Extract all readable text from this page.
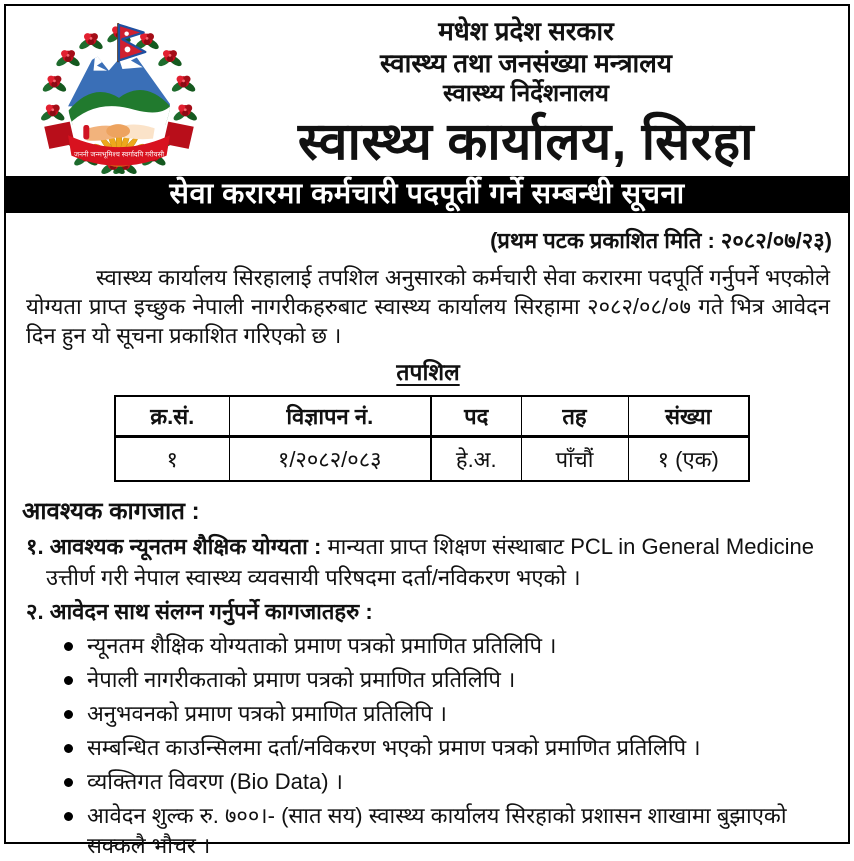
जननी जन्मभूमिश्च स्वर्गादपि गरीयसी
मधेश प्रदेश सरकार
स्वास्थ्य तथा जनसंख्या मन्त्रालय
स्वास्थ्य निर्देशनालय
स्वास्थ्य कार्यालय, सिरहा
सेवा करारमा कर्मचारी पदपूर्ती गर्ने सम्बन्धी सूचना
(प्रथम पटक प्रकाशित मिति : २०८२/०७/२३)

स्वास्थ्य कार्यालय सिरहालाई तपशिल अनुसारको कर्मचारी सेवा करारमा पदपूर्ति गर्नुपर्ने भएकोले योग्यता प्राप्त इच्छुक नेपाली नागरीकहरुबाट स्वास्थ्य कार्यालय सिरहामा २०८२/०८/०७ गते भित्र आवेदन दिन हुन यो सूचना प्रकाशित गरिएको छ ।

तपशिल
क्र.सं.	विज्ञापन नं.	पद	तह	संख्या
१	१/२०८२/०८३	हे.अ.	पाँचौं	१ (एक)
आवश्यक कागजात :
१. आवश्यक न्यूनतम शैक्षिक योग्यता : मान्यता प्राप्त शिक्षण संस्थाबाट PCL in General Medicine उत्तीर्ण गरी नेपाल स्वास्थ्य व्यवसायी परिषदमा दर्ता/नविकरण भएको ।
२. आवेदन साथ संलग्न गर्नुपर्ने कागजातहरु :
न्यूनतम शैक्षिक योग्यताको प्रमाण पत्रको प्रमाणित प्रतिलिपि ।
नेपाली नागरीकताको प्रमाण पत्रको प्रमाणित प्रतिलिपि ।
अनुभवनको प्रमाण पत्रको प्रमाणित प्रतिलिपि ।
सम्बन्धित काउन्सिलमा दर्ता/नविकरण भएको प्रमाण पत्रको प्रमाणित प्रतिलिपि ।
व्यक्तिगत विवरण (Bio Data) ।
आवेदन शुल्क रु. ७००।- (सात सय) स्वास्थ्य कार्यालय सिरहाको प्रशासन शाखामा बुझाएको सक्कलै भौचर ।
